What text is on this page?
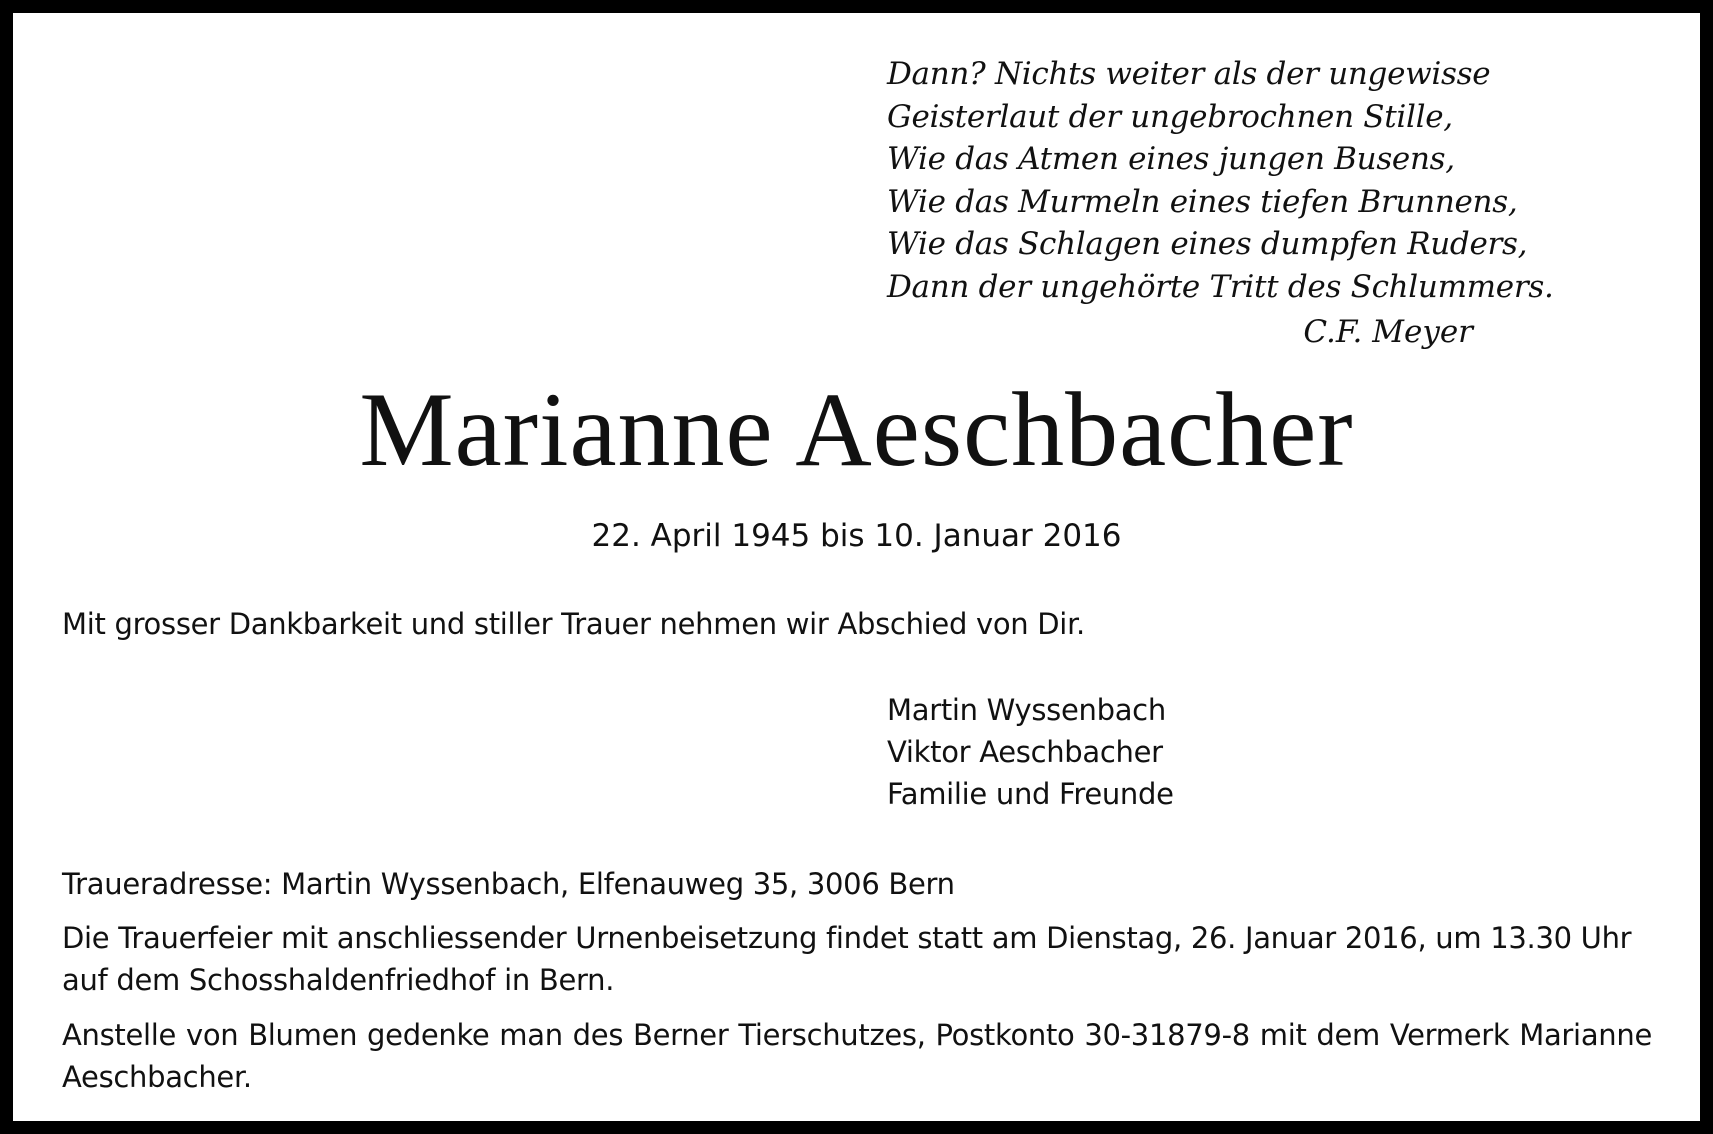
Dann? Nichts weiter als der ungewisse
Geisterlaut der ungebrochnen Stille,
Wie das Atmen eines jungen Busens,
Wie das Murmeln eines tiefen Brunnens,
Wie das Schlagen eines dumpfen Ruders,
Dann der ungehörte Tritt des Schlummers.
C.F. Meyer
Marianne Aeschbacher
22. April 1945 bis 10. Januar 2016
Mit grosser Dankbarkeit und stiller Trauer nehmen wir Abschied von Dir.
Martin Wyssenbach
Viktor Aeschbacher
Familie und Freunde
Traueradresse: Martin Wyssenbach, Elfenauweg 35, 3006 Bern
Die Trauerfeier mit anschliessender Urnenbeisetzung findet statt am Dienstag, 26. Januar 2016, um 13.30 Uhr auf dem Schosshaldenfriedhof in Bern.
Anstelle von Blumen gedenke man des Berner Tierschutzes, Postkonto 30-31879-8 mit dem Vermerk Marianne Aeschbacher.
